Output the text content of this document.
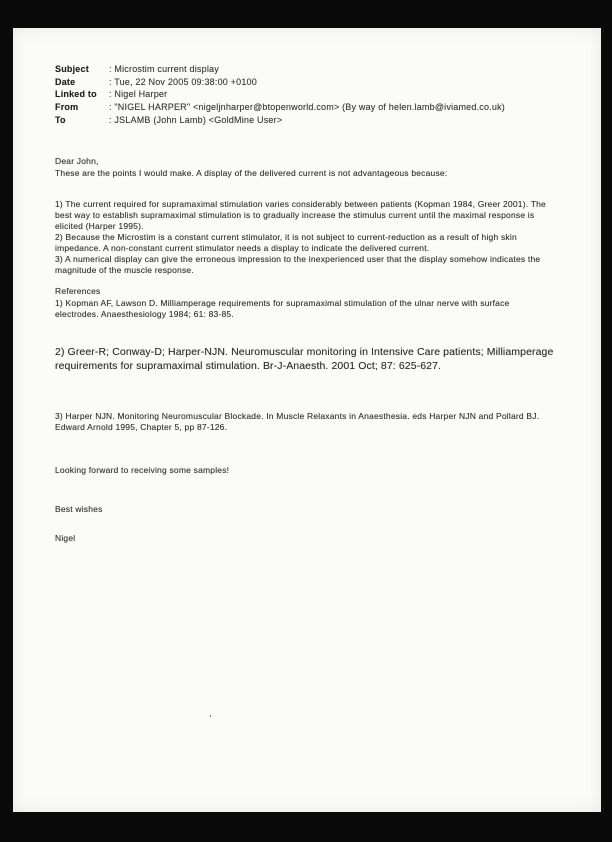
Subject	: Microstim current display
Date	: Tue, 22 Nov 2005 09:38:00 +0100
Linked to	: Nigel Harper
From	: "NIGEL HARPER" <nigeljnharper@btopenworld.com> (By way of helen.lamb@iviamed.co.uk)
To	: JSLAMB (John Lamb) <GoldMine User>
Dear John,
These are the points I would make. A display of the delivered current is not advantageous because:
1) The current required for supramaximal stimulation varies considerably between patients (Kopman 1984, Greer 2001). The best way to establish supramaximal stimulation is to gradually increase the stimulus current until the maximal response is elicited (Harper 1995).
2) Because the Microstim is a constant current stimulator, it is not subject to current-reduction as a result of high skin impedance. A non-constant current stimulator needs a display to indicate the delivered current.
3) A numerical display can give the erroneous impression to the inexperienced user that the display somehow indicates the magnitude of the muscle response.
References
1) Kopman AF, Lawson D. Milliamperage requirements for supramaximal stimulation of the ulnar nerve with surface electrodes. Anaesthesiology 1984; 61: 83-85.
2) Greer-R; Conway-D; Harper-NJN. Neuromuscular monitoring in Intensive Care patients; Milliamperage requirements for supramaximal stimulation. Br-J-Anaesth. 2001 Oct; 87: 625-627.
3) Harper NJN. Monitoring Neuromuscular Blockade. In Muscle Relaxants in Anaesthesia. eds Harper NJN and Pollard BJ. Edward Arnold 1995, Chapter 5, pp 87-126.
Looking forward to receiving some samples!
Best wishes
Nigel
,
